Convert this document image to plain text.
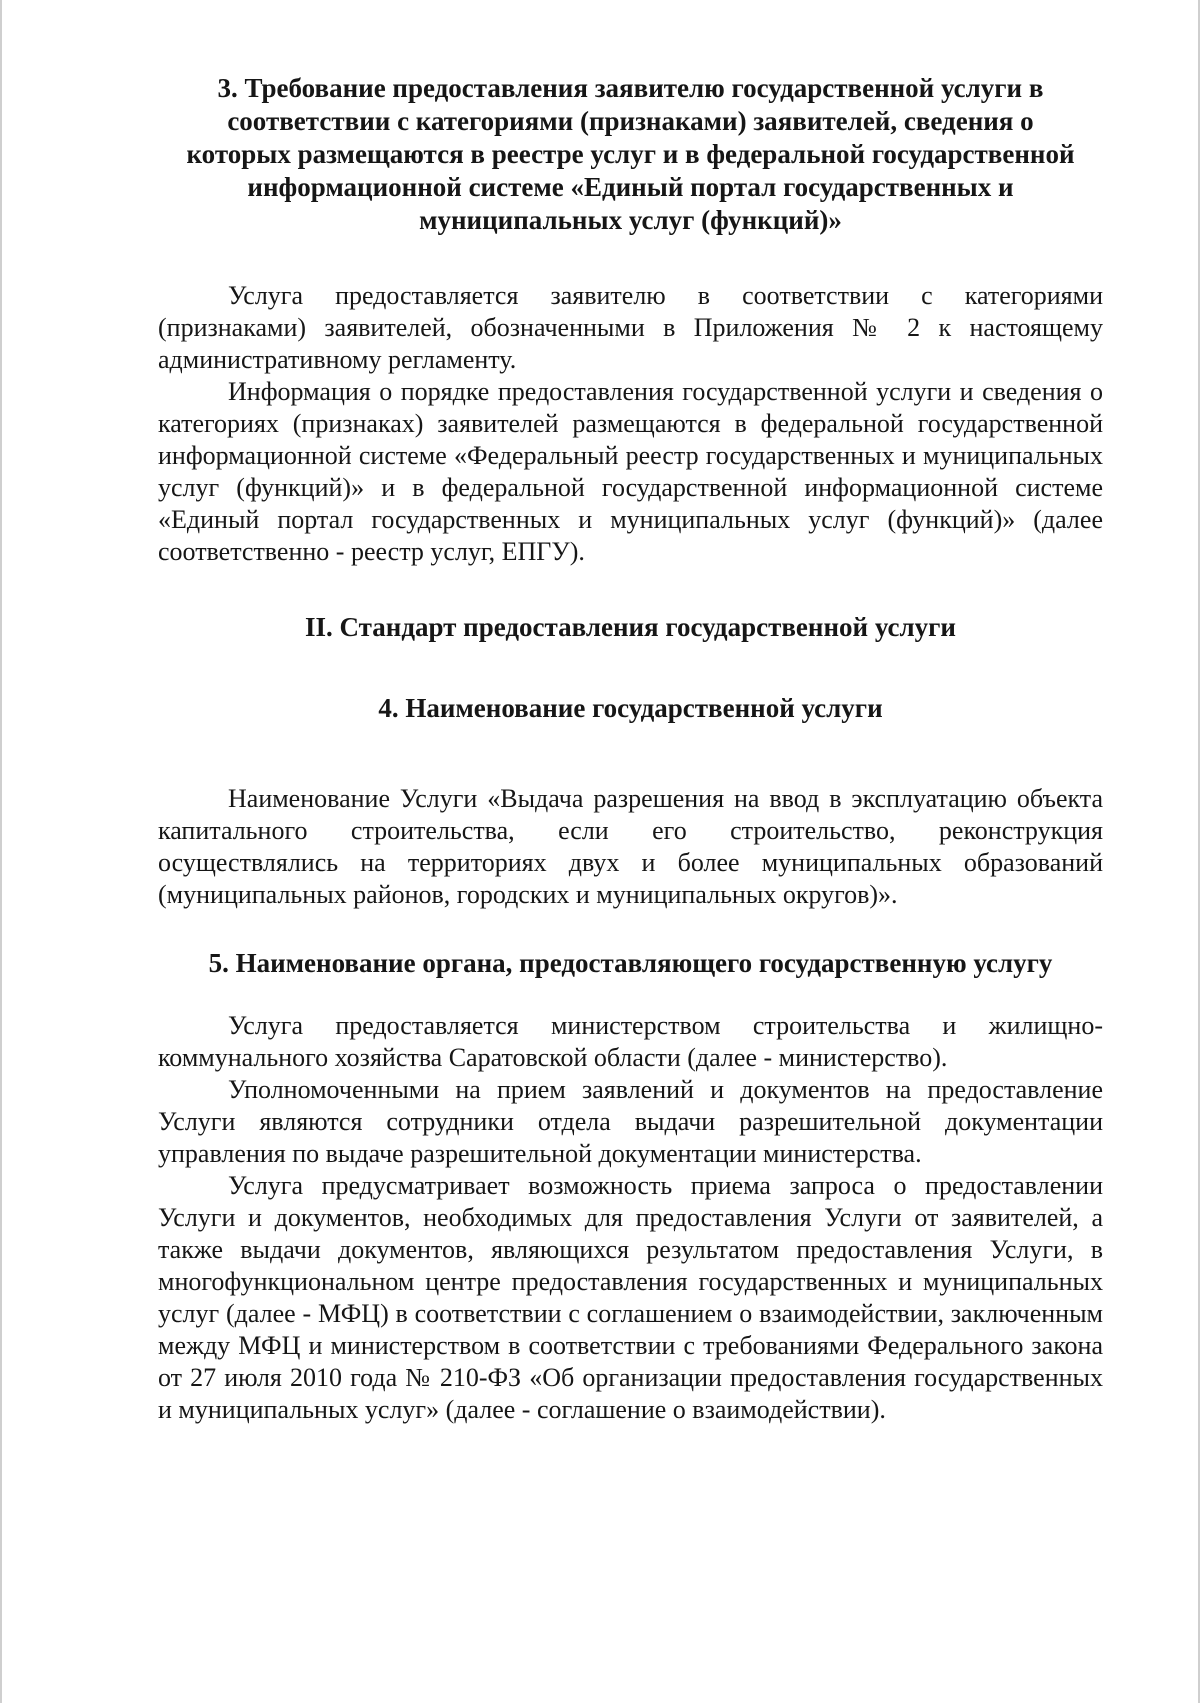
3. Требование предоставления заявителю государственной услуги в
соответствии с категориями (признаками) заявителей, сведения о
которых размещаются в реестре услуг и в федеральной государственной
информационной системе «Единый портал государственных и
муниципальных услуг (функций)»

Услуга предоставляется заявителю в соответствии с категориями (признаками) заявителей, обозначенными в Приложения № 2 к настоящему административному регламенту.

Информация о порядке предоставления государственной услуги и сведения о категориях (признаках) заявителей размещаются в федеральной государственной информационной системе «Федеральный реестр государственных и муниципальных услуг (функций)» и в федеральной государственной информационной системе «Единый портал государственных и муниципальных услуг (функций)» (далее соответственно - реестр услуг, ЕПГУ).

II. Стандарт предоставления государственной услуги
4. Наименование государственной услуги

Наименование Услуги «Выдача разрешения на ввод в эксплуатацию объекта капитального строительства, если его строительство, реконструкция осуществлялись на территориях двух и более муниципальных образований (муниципальных районов, городских и муниципальных округов)».

5. Наименование органа, предоставляющего государственную услугу

Услуга предоставляется министерством строительства и жилищно-коммунального хозяйства Саратовской области (далее - министерство).

Уполномоченными на прием заявлений и документов на предоставление Услуги являются сотрудники отдела выдачи разрешительной документации управления по выдаче разрешительной документации министерства.

Услуга предусматривает возможность приема запроса о предоставлении Услуги и документов, необходимых для предоставления Услуги от заявителей, а также выдачи документов, являющихся результатом предоставления Услуги, в многофункциональном центре предоставления государственных и муниципальных услуг (далее - МФЦ) в соответствии с соглашением о взаимодействии, заключенным между МФЦ и министерством в соответствии с требованиями Федерального закона от 27 июля 2010 года № 210-ФЗ «Об организации предоставления государственных и муниципальных услуг» (далее - соглашение о взаимодействии).
